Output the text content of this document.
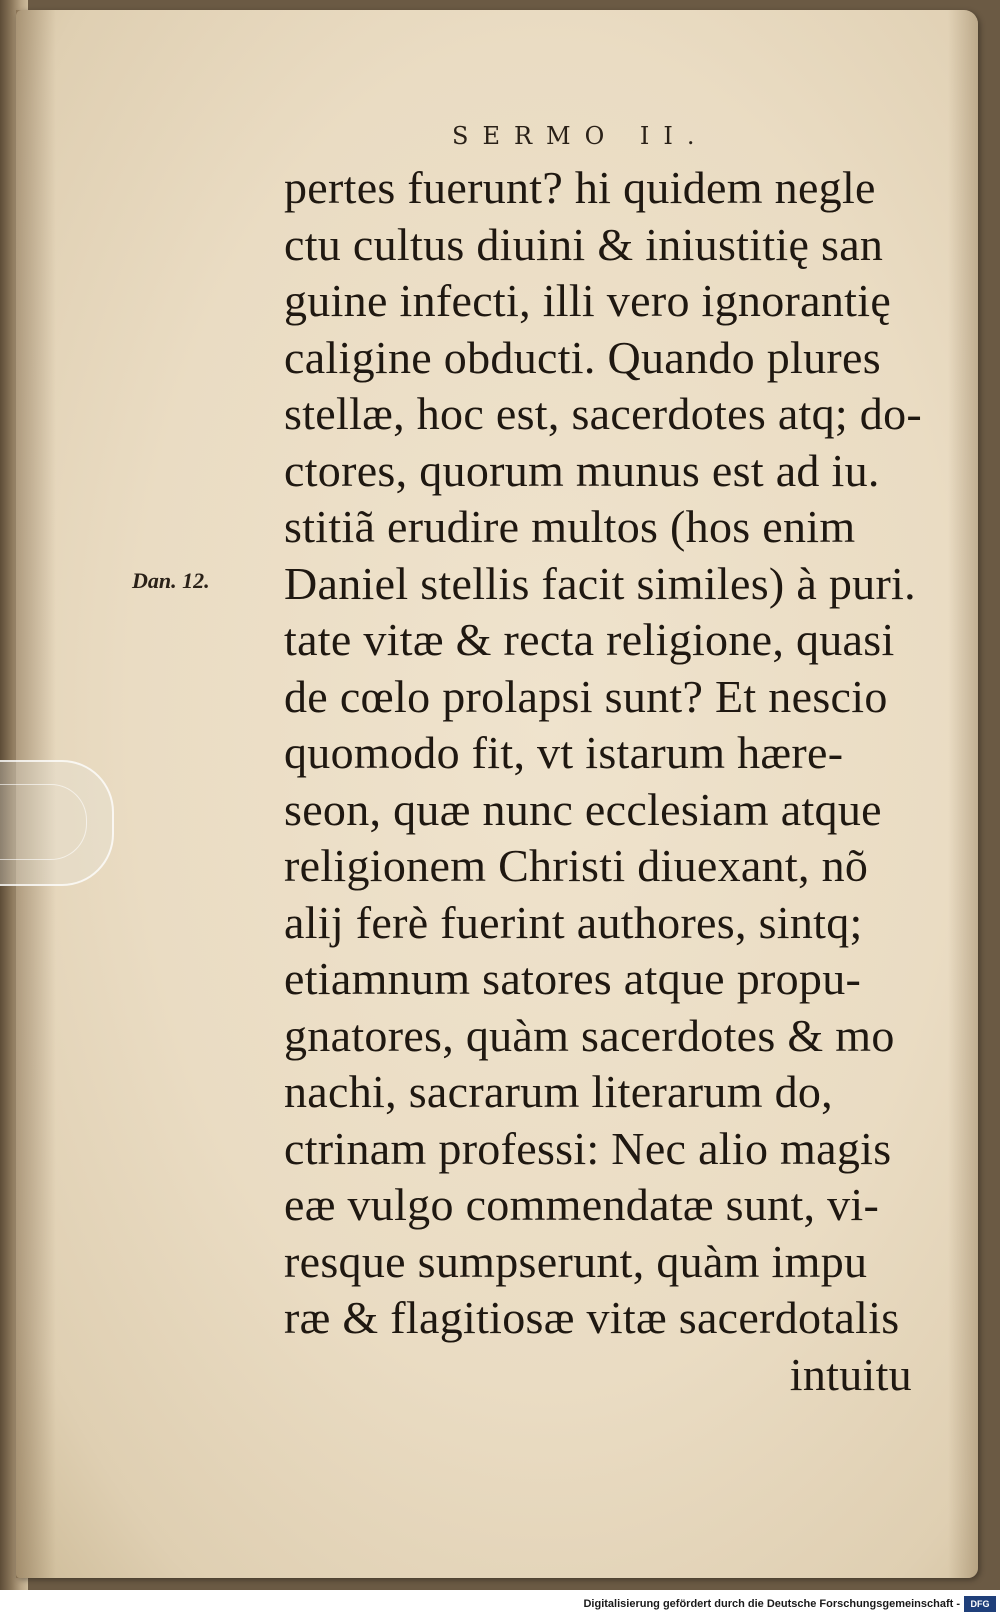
SERMO II.
Dan. 12.
pertes fuerunt? hi quidem negle
ctu cultus diuini & iniustitię san
guine infecti, illi vero ignorantię
caligine obducti. Quando plures
stellæ, hoc est, sacerdotes atq; do-
ctores, quorum munus est ad iu.
stitiã erudire multos (hos enim
Daniel stellis facit similes) à puri.
tate vitæ & recta religione, quasi
de cœlo prolapsi sunt? Et nescio
quomodo fit, vt istarum hære-
seon, quæ nunc ecclesiam atque
religionem Christi diuexant, nõ
alij ferè fuerint authores, sintq;
etiamnum satores atque propu-
gnatores, quàm sacerdotes & mo
nachi, sacrarum literarum do,
ctrinam professi: Nec alio magis
eæ vulgo commendatæ sunt, vi-
resque sumpserunt, quàm impu
ræ & flagitiosæ vitæ sacerdotalis
intuitu
Digitalisierung gefördert durch die Deutsche Forschungsgemeinschaft -	DFG
